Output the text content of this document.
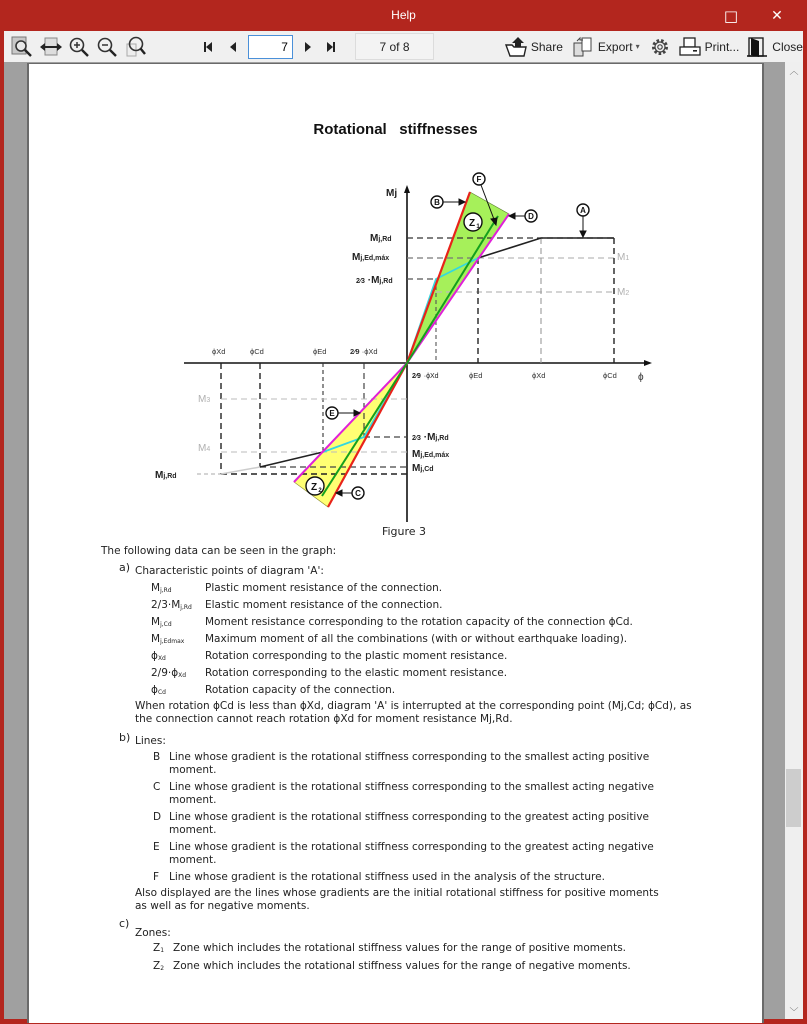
Help	□ ✕
7
7 of 8	Share	Export ▾	Print...	Close
Rotational   stiffnesses
B
F
D
A
E
C
Z 1
Z 2
Mj
Mj,Rd
Mj,Ed,máx
2⁄3 ·Mj,Rd
2⁄9 ·ϕXd
2⁄3 ·Mj,Rd
Mj,Ed,máx
Mj,Cd
Mj,Rd
ϕXd	ϕCd	ϕEd	2⁄9 ·ϕXd
ϕEd	ϕXd	ϕCd ϕ
M1
M2
M3
M4
Figure 3
The following data can be seen in the graph:
a) Characteristic points of diagram 'A':
Mj,Rd	Plastic moment resistance of the connection.
2/3·Mj,Rd Elastic moment resistance of the connection.
Mj,Cd	Moment resistance corresponding to the rotation capacity of the connection ϕCd.
Mj,Edmax Maximum moment of all the combinations (with or without earthquake loading).
ϕXd	Rotation corresponding to the plastic moment resistance.
2/9·ϕXd Rotation corresponding to the elastic moment resistance.
ϕCd	Rotation capacity of the connection.
When rotation ϕCd is less than ϕXd, diagram 'A' is interrupted at the corresponding point (Mj,Cd; ϕCd), as
the connection cannot reach rotation ϕXd for moment resistance Mj,Rd.
b) Lines:
B Line whose gradient is the rotational stiffness corresponding to the smallest acting positive
moment.
C Line whose gradient is the rotational stiffness corresponding to the smallest acting negative
moment.
D Line whose gradient is the rotational stiffness corresponding to the greatest acting positive
moment.
E Line whose gradient is the rotational stiffness corresponding to the greatest acting negative
moment.
F Line whose gradient is the rotational stiffness used in the analysis of the structure.
Also displayed are the lines whose gradients are the initial rotational stiffness for positive moments
as well as for negative moments.
c)
Zones:
Z1 Zone which includes the rotational stiffness values for the range of positive moments.
Z2 Zone which includes the rotational stiffness values for the range of negative moments.
︿
﹀
